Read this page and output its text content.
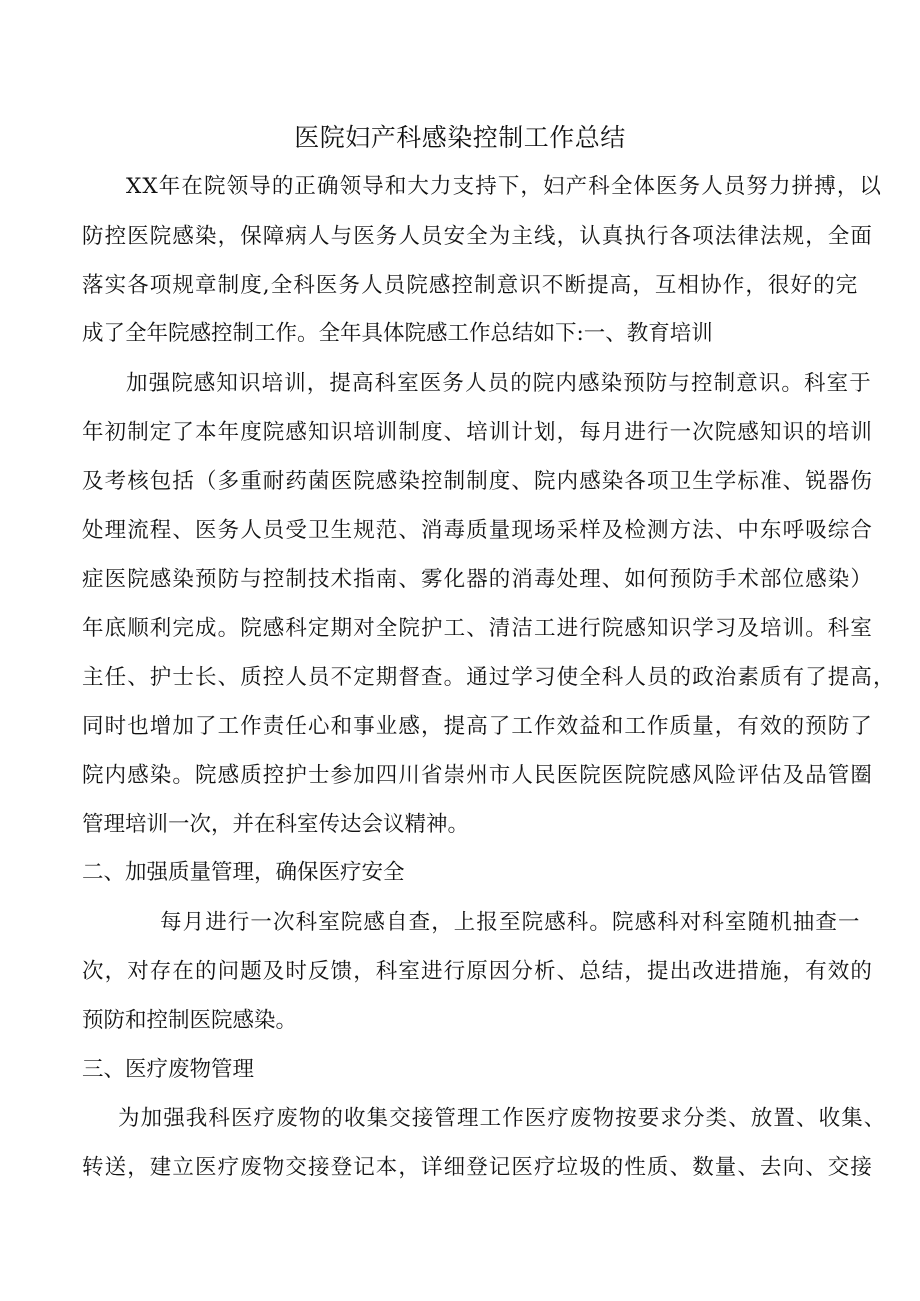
医院妇产科感染控制工作总结
XX年在院领导的正确领导和大力支持下，妇产科全体医务人员努力拼搏，以
防控医院感染，保障病人与医务人员安全为主线，认真执行各项法律法规，全面
落实各项规章制度,全科医务人员院感控制意识不断提高，互相协作，很好的完
成了全年院感控制工作。全年具体院感工作总结如下:一、教育培训
加强院感知识培训，提高科室医务人员的院内感染预防与控制意识。科室于
年初制定了本年度院感知识培训制度、培训计划，每月进行一次院感知识的培训
及考核包括（多重耐药菌医院感染控制制度、院内感染各项卫生学标准、锐器伤
处理流程、医务人员受卫生规范、消毒质量现场采样及检测方法、中东呼吸综合
症医院感染预防与控制技术指南、雾化器的消毒处理、如何预防手术部位感染）
年底顺利完成。院感科定期对全院护工、清洁工进行院感知识学习及培训。科室
主任、护士长、质控人员不定期督查。通过学习使全科人员的政治素质有了提高，
同时也增加了工作责任心和事业感，提高了工作效益和工作质量，有效的预防了
院内感染。院感质控护士参加四川省崇州市人民医院医院院感风险评估及品管圈
管理培训一次，并在科室传达会议精神。
二、加强质量管理，确保医疗安全
每月进行一次科室院感自查，上报至院感科。院感科对科室随机抽查一
次，对存在的问题及时反馈，科室进行原因分析、总结，提出改进措施，有效的
预防和控制医院感染。
三、医疗废物管理
为加强我科医疗废物的收集交接管理工作医疗废物按要求分类、放置、收集、
转送，建立医疗废物交接登记本，详细登记医疗垃圾的性质、数量、去向、交接
